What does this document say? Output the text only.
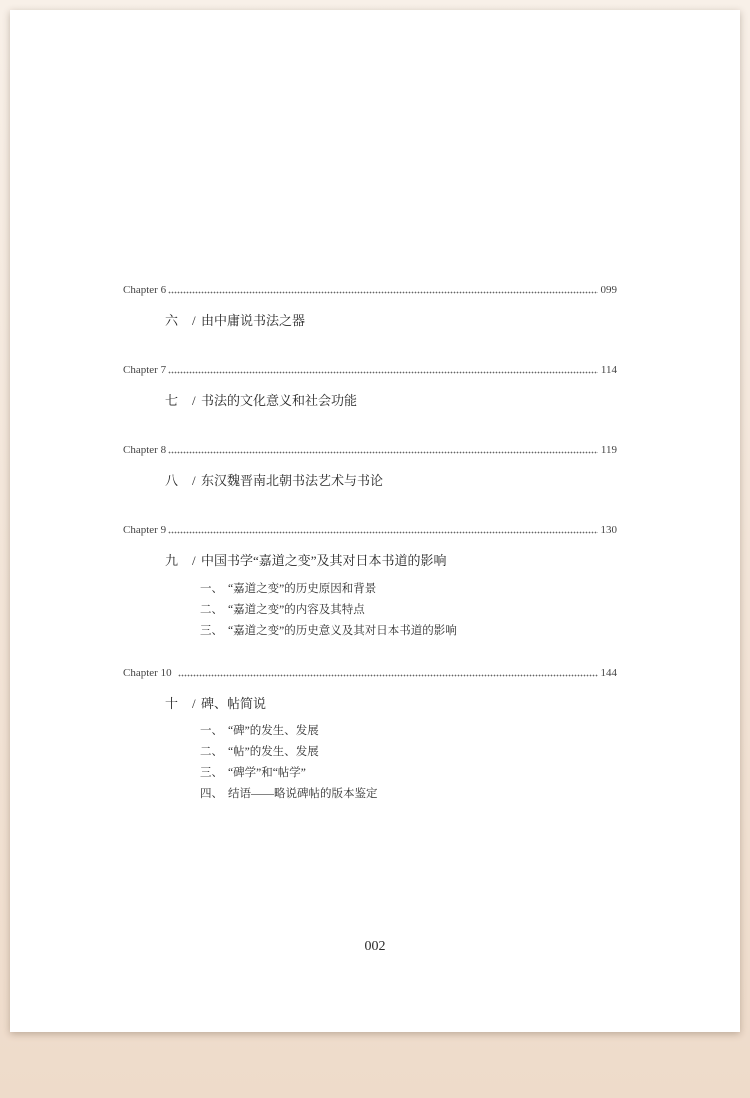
Chapter 6	099
六 / 由中庸说书法之器
Chapter 7	114
七 / 书法的文化意义和社会功能
Chapter 8	119
八 / 东汉魏晋南北朝书法艺术与书论
Chapter 9	130
九 / 中国书学“嘉道之变”及其对日本书道的影响
一、 “嘉道之变”的历史原因和背景
二、 “嘉道之变”的内容及其特点
三、 “嘉道之变”的历史意义及其对日本书道的影响
Chapter 10	144
十 / 碑、帖简说
一、 “碑”的发生、发展
二、 “帖”的发生、发展
三、 “碑学”和“帖学”
四、 结语——略说碑帖的版本鉴定
002
